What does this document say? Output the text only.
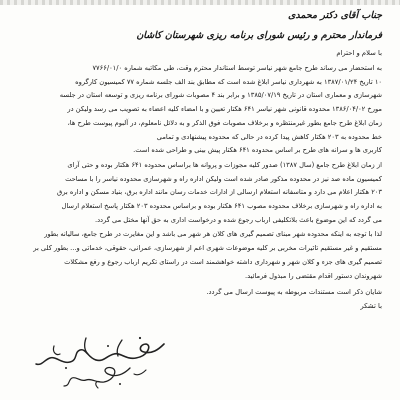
جناب آقای دکتر محمدی
فرماندار محترم و رئیس شورای برنامه ریزی شهرستان کاشان
با سلام و احترام

به استحضار می رساند طرح جامع شهر نیاسر توسط استاندار محترم وقت، طی مکاتبه شماره ۷۷۶۶/۰۱/۰

۱۰ تاریخ ۱۳۸۷/۰۱/۲۴ به شهرداری نیاسر ابلاغ شده است که مطابق بند الف جلسه شماره ۷۷ کمیسیون کارگروه

شهرسازی و معماری استان در تاریخ ۱۳۸۵/۰۷/۱۹ و برابر بند ۴ مصوبات شورای برنامه ریزی و توسعه استان در جلسه

مورخ ۱۳۸۶/۰۴/۰۲ محدوده قانونی شهر نیاسر ۶۴۱ هکتار تعیین و با امضاء کلیه اعضاء به تصویب می رسد ولیکن در

زمان ابلاغ طرح جامع بطور غیرمنتظره و برخلاف مصوبات فوق الذکر و به دلائل نامعلوم، در آلبوم پیوست طرح ها،

خط محدوده به ۲۰۳ هکتار کاهش پیدا کرده در حالی که محدوده پیشنهادی و تمامی

کاربری ها و سرانه های طرح بر اساس محدوده ۶۴۱ هکتار پیش بینی و طراحی شده است.

از زمان ابلاغ طرح جامع (سال ۱۳۸۷) صدور کلیه مجوزات و پروانه ها براساس محدوده ۶۴۱ هکتار بوده و حتی آرای

کمیسیون ماده صد نیز در محدوده مذکور صادر شده است ولیکن اداره راه و شهرسازی محدوده نیاسر را با مساحت

۲۰۳ هکتار اعلام می دارد و متاسفانه استعلام ارسالی از ادارات خدمات رسان مانند اداره برق، بنیاد مسکن و اداره برق

به اداره راه و شهرسازی برخلاف محدوده مصوب ۶۴۱ هکتار بوده و براساس محدوده ۲۰۳ هکتار پاسخ استعلام ارسال

می گردد که این موضوع باعث بلاتکلیفی ارباب رجوع شده و درخواست اداری به حق آنها مختل می گردد.

لذا با توجه به اینکه محدوده شهر مبنای تصمیم گیری های کلان هر شهر می باشد و این مغایرت در طرح جامع، سالیانه بطور

مستقیم و غیر مستقیم تاثیرات مخربی بر کلیه موضوعات شهری اعم از شهرسازی، عمرانی، حقوقی، خدماتی و... بطور کلی بر

تصمیم گیری های جزء و کلان شهر و شهرداری داشته خواهشمند است در راستای تکریم ارباب رجوع و رفع مشکلات

شهروندان دستور اقدام مقتضی را مبذول فرمائید.

شایان ذکر است مستندات مربوطه به پیوست ارسال می گردد.
با تشکر
